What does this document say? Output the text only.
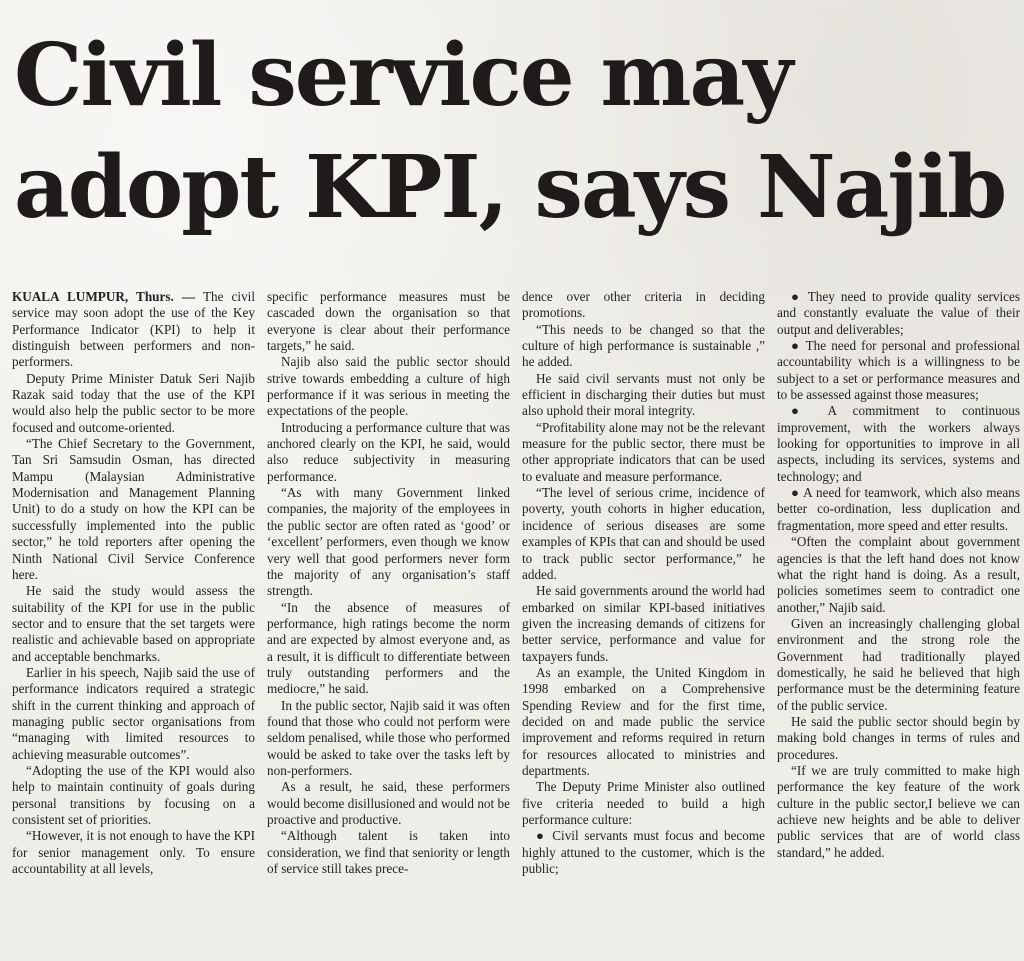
Civil service may
adopt KPI, says Najib

KUALA LUMPUR, Thurs. — The civil service may soon adopt the use of the Key Performance Indicator (KPI) to help it distinguish between performers and non-performers.

Deputy Prime Minister Datuk Seri Najib Razak said today that the use of the KPI would also help the public sector to be more focused and outcome-oriented.

“The Chief Secretary to the Government, Tan Sri Samsudin Osman, has directed Mampu (Malaysian Administrative Modernisation and Management Planning Unit) to do a study on how the KPI can be successfully implemented into the public sector,” he told reporters after opening the Ninth National Civil Service Conference here.

He said the study would assess the suitability of the KPI for use in the public sector and to ensure that the set targets were realistic and achievable based on appropriate and acceptable benchmarks.

Earlier in his speech, Najib said the use of performance indicators required a strategic shift in the current thinking and approach of managing public sector organisations from “managing with limited resources to achieving measurable outcomes”.

“Adopting the use of the KPI would also help to maintain continuity of goals during personal transitions by focusing on a consistent set of priorities.

“However, it is not enough to have the KPI for senior management only. To ensure accountability at all levels,

specific performance measures must be cascaded down the organisation so that everyone is clear about their performance targets,” he said.

Najib also said the public sector should strive towards embedding a culture of high performance if it was serious in meeting the expectations of the people.

Introducing a performance culture that was anchored clearly on the KPI, he said, would also reduce subjectivity in measuring performance.

“As with many Government linked companies, the majority of the employees in the public sector are often rated as ‘good’ or ‘excellent’ performers, even though we know very well that good performers never form the majority of any organisation’s staff strength.

“In the absence of measures of performance, high ratings become the norm and are expected by almost everyone and, as a result, it is difficult to differentiate between truly outstanding performers and the mediocre,” he said.

In the public sector, Najib said it was often found that those who could not perform were seldom penalised, while those who performed would be asked to take over the tasks left by non-performers.

As a result, he said, these performers would become disillusioned and would not be proactive and productive.

“Although talent is taken into consideration, we find that seniority or length of service still takes prece-

dence over other criteria in deciding promotions.

“This needs to be changed so that the culture of high performance is sustainable ,” he added.

He said civil servants must not only be efficient in discharging their duties but must also uphold their moral integrity.

“Profitability alone may not be the relevant measure for the public sector, there must be other appropriate indicators that can be used to evaluate and measure performance.

“The level of serious crime, incidence of poverty, youth cohorts in higher education, incidence of serious diseases are some examples of KPIs that can and should be used to track public sector performance,” he added.

He said governments around the world had embarked on similar KPI-based initiatives given the increasing demands of citizens for better service, performance and value for taxpayers funds.

As an example, the United Kingdom in 1998 embarked on a Comprehensive Spending Review and for the first time, decided on and made public the service improvement and reforms required in return for resources allocated to ministries and departments.

The Deputy Prime Minister also outlined five criteria needed to build a high performance culture:

● Civil servants must focus and become highly attuned to the customer, which is the public;

● They need to provide quality services and constantly evaluate the value of their output and deliverables;

● The need for personal and professional accountability which is a willingness to be subject to a set or performance measures and to be assessed against those measures;

● A commitment to continuous improvement, with the workers always looking for opportunities to improve in all aspects, including its services, systems and technology; and

● A need for teamwork, which also means better co-ordination, less duplication and fragmentation, more speed and etter results.

“Often the complaint about government agencies is that the left hand does not know what the right hand is doing. As a result, policies sometimes seem to contradict one another,” Najib said.

Given an increasingly challenging global environment and the strong role the Government had traditionally played domestically, he said he believed that high performance must be the determining feature of the public service.

He said the public sector should begin by making bold changes in terms of rules and procedures.

“If we are truly committed to make high performance the key feature of the work culture in the public sector,I believe we can achieve new heights and be able to deliver public services that are of world class standard,” he added.
